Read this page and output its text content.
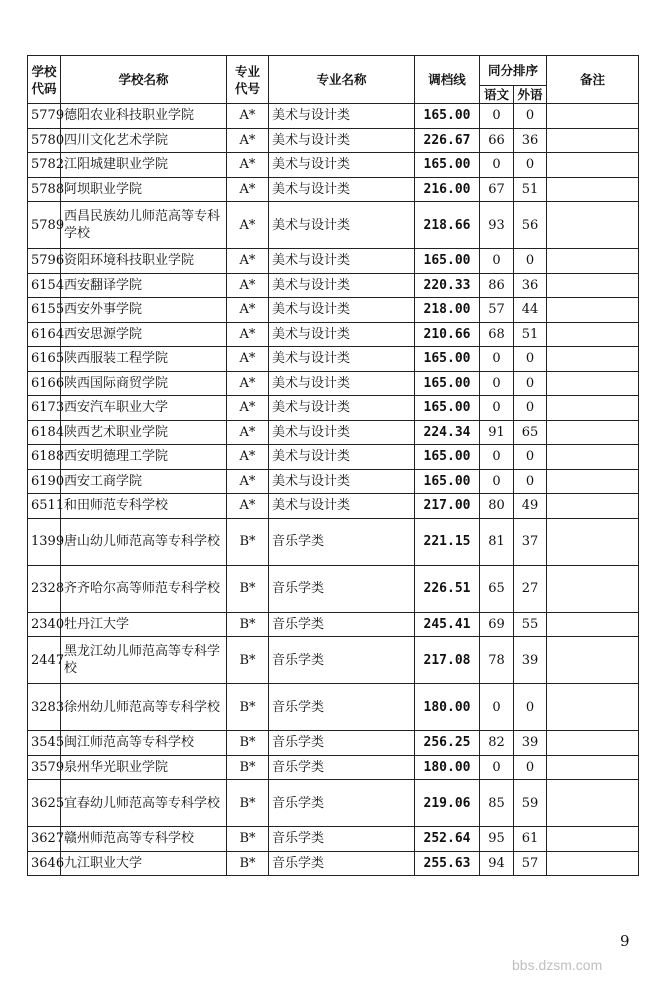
学校代码	学校名称	专业代号	专业名称	调档线	同分排序		备注
					语文	外语	
5779	德阳农业科技职业学院	A*	美术与设计类	165.00	0	0	
5780	四川文化艺术学院	A*	美术与设计类	226.67	66	36	
5782	江阳城建职业学院	A*	美术与设计类	165.00	0	0	
5788	阿坝职业学院	A*	美术与设计类	216.00	67	51	
5789	西昌民族幼儿师范高等专科学校	A*	美术与设计类	218.66	93	56	
5796	资阳环境科技职业学院	A*	美术与设计类	165.00	0	0	
6154	西安翻译学院	A*	美术与设计类	220.33	86	36	
6155	西安外事学院	A*	美术与设计类	218.00	57	44	
6164	西安思源学院	A*	美术与设计类	210.66	68	51	
6165	陕西服装工程学院	A*	美术与设计类	165.00	0	0	
6166	陕西国际商贸学院	A*	美术与设计类	165.00	0	0	
6173	西安汽车职业大学	A*	美术与设计类	165.00	0	0	
6184	陕西艺术职业学院	A*	美术与设计类	224.34	91	65	
6188	西安明德理工学院	A*	美术与设计类	165.00	0	0	
6190	西安工商学院	A*	美术与设计类	165.00	0	0	
6511	和田师范专科学校	A*	美术与设计类	217.00	80	49	
1399	唐山幼儿师范高等专科学校	B*	音乐学类	221.15	81	37	
2328	齐齐哈尔高等师范专科学校	B*	音乐学类	226.51	65	27	
2340	牡丹江大学	B*	音乐学类	245.41	69	55	
2447	黑龙江幼儿师范高等专科学校	B*	音乐学类	217.08	78	39	
3283	徐州幼儿师范高等专科学校	B*	音乐学类	180.00	0	0	
3545	闽江师范高等专科学校	B*	音乐学类	256.25	82	39	
3579	泉州华光职业学院	B*	音乐学类	180.00	0	0	
3625	宜春幼儿师范高等专科学校	B*	音乐学类	219.06	85	59	
3627	赣州师范高等专科学校	B*	音乐学类	252.64	95	61	
3646	九江职业大学	B*	音乐学类	255.63	94	57	
9
bbs.dzsm.com
